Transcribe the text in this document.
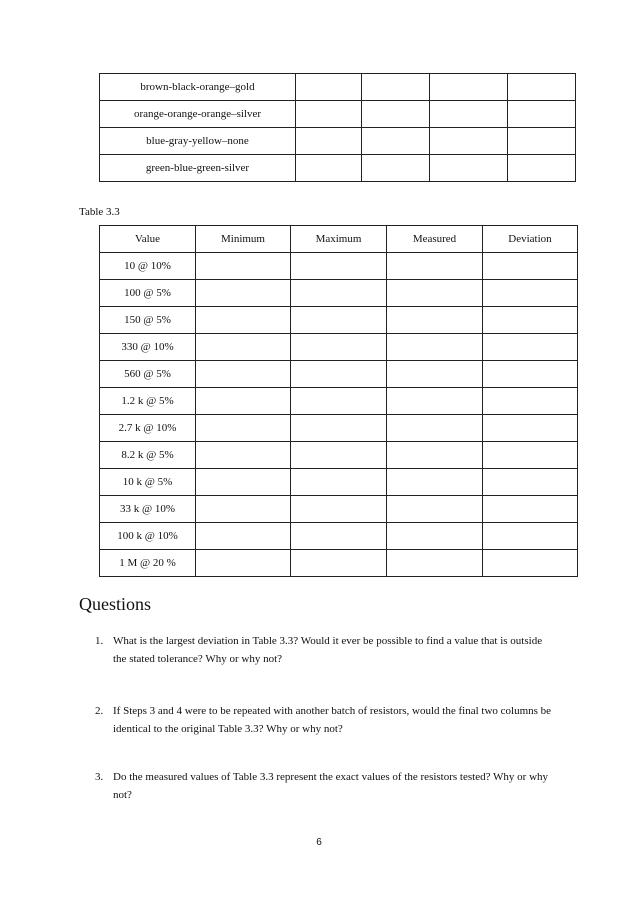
brown-black-orange–gold				
orange-orange-orange–silver				
blue-gray-yellow–none				
green-blue-green-silver				
Table 3.3
Value	Minimum	Maximum	Measured	Deviation
10 @ 10%				
100 @ 5%				
150 @ 5%				
330 @ 10%				
560 @ 5%				
1.2 k @ 5%				
2.7 k @ 10%				
8.2 k @ 5%				
10 k @ 5%				
33 k @ 10%				
100 k @ 10%				
1 M @ 20 %				
Questions
1. What is the largest deviation in Table 3.3? Would it ever be possible to find a value that is outside the stated tolerance? Why or why not?
2. If Steps 3 and 4 were to be repeated with another batch of resistors, would the final two columns be identical to the original Table 3.3? Why or why not?
3. Do the measured values of Table 3.3 represent the exact values of the resistors tested? Why or why not?
6
